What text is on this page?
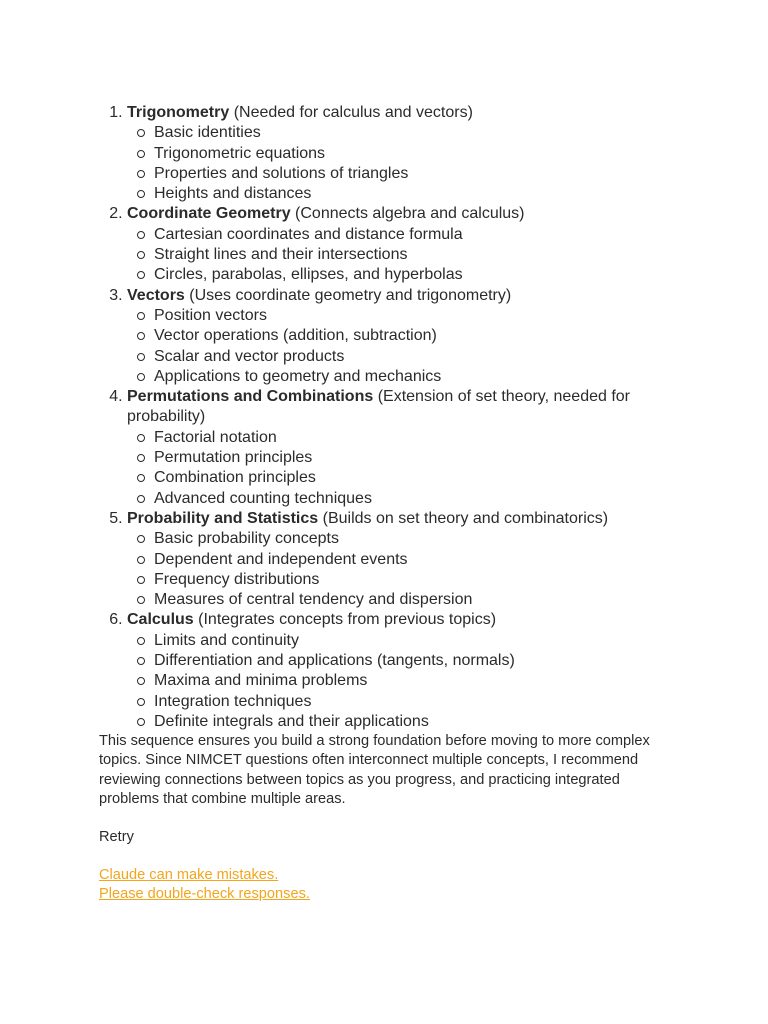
1. Trigonometry (Needed for calculus and vectors)
Basic identities
Trigonometric equations
Properties and solutions of triangles
Heights and distances
2. Coordinate Geometry (Connects algebra and calculus)
Cartesian coordinates and distance formula
Straight lines and their intersections
Circles, parabolas, ellipses, and hyperbolas
3. Vectors (Uses coordinate geometry and trigonometry)
Position vectors
Vector operations (addition, subtraction)
Scalar and vector products
Applications to geometry and mechanics
4. Permutations and Combinations (Extension of set theory, needed for probability)
Factorial notation
Permutation principles
Combination principles
Advanced counting techniques
5. Probability and Statistics (Builds on set theory and combinatorics)
Basic probability concepts
Dependent and independent events
Frequency distributions
Measures of central tendency and dispersion
6. Calculus (Integrates concepts from previous topics)
Limits and continuity
Differentiation and applications (tangents, normals)
Maxima and minima problems
Integration techniques
Definite integrals and their applications

This sequence ensures you build a strong foundation before moving to more complex topics. Since NIMCET questions often interconnect multiple concepts, I recommend reviewing connections between topics as you progress, and practicing integrated problems that combine multiple areas.

Retry
Claude can make mistakes.
Please double-check responses.
